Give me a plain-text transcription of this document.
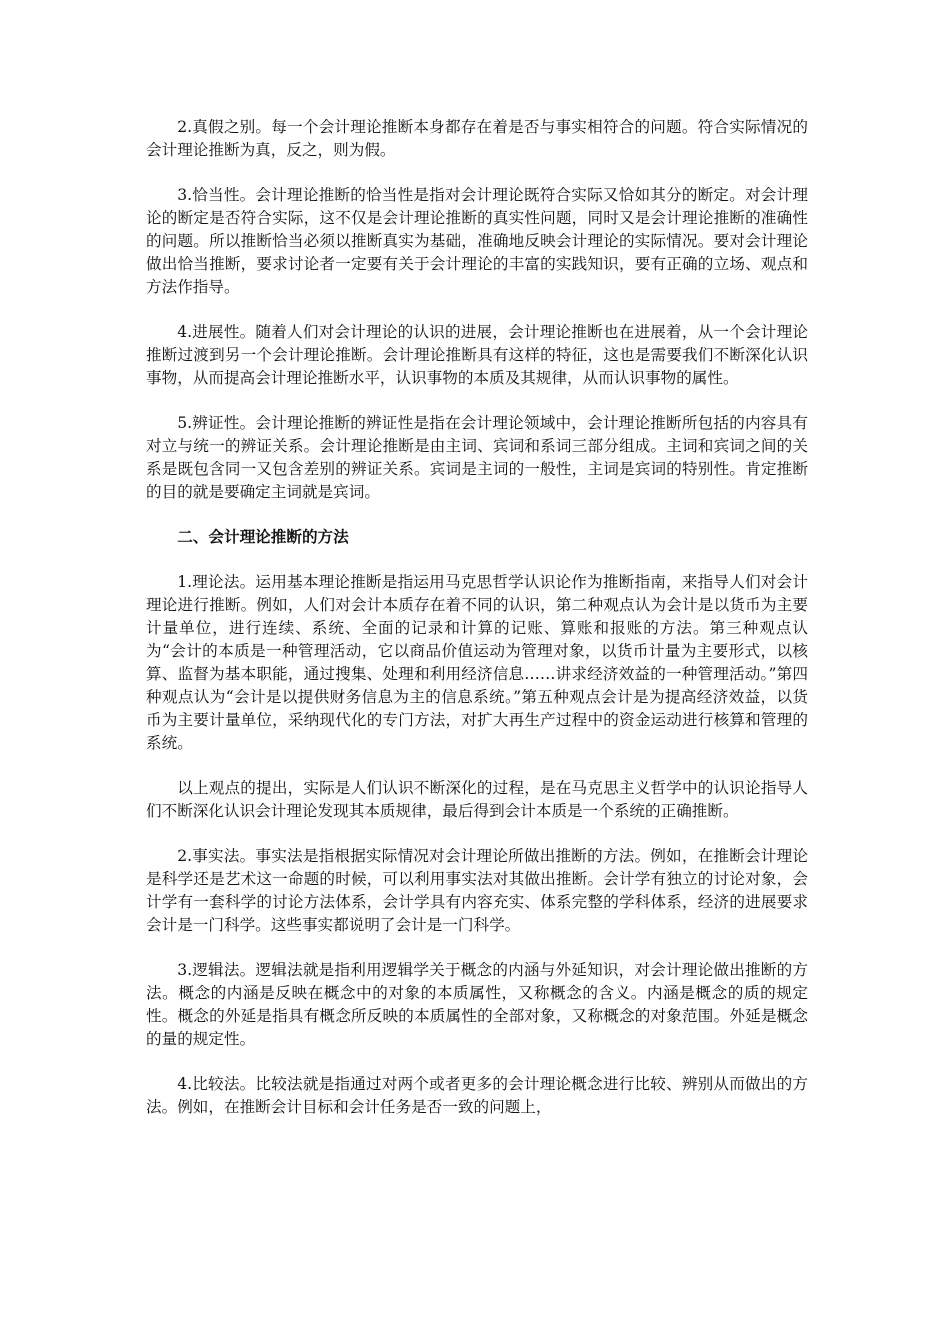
2.真假之别。每一个会计理论推断本身都存在着是否与事实相符合的问题。符合实际情况的会计理论推断为真，反之，则为假。

3.恰当性。会计理论推断的恰当性是指对会计理论既符合实际又恰如其分的断定。对会计理论的断定是否符合实际，这不仅是会计理论推断的真实性问题，同时又是会计理论推断的准确性的问题。所以推断恰当必须以推断真实为基础，准确地反映会计理论的实际情况。要对会计理论做出恰当推断，要求讨论者一定要有关于会计理论的丰富的实践知识，要有正确的立场、观点和方法作指导。

4.进展性。随着人们对会计理论的认识的进展，会计理论推断也在进展着，从一个会计理论推断过渡到另一个会计理论推断。会计理论推断具有这样的特征，这也是需要我们不断深化认识事物，从而提高会计理论推断水平，认识事物的本质及其规律，从而认识事物的属性。

5.辨证性。会计理论推断的辨证性是指在会计理论领域中，会计理论推断所包括的内容具有对立与统一的辨证关系。会计理论推断是由主词、宾词和系词三部分组成。主词和宾词之间的关系是既包含同一又包含差别的辨证关系。宾词是主词的一般性，主词是宾词的特别性。肯定推断的目的就是要确定主词就是宾词。

二、会计理论推断的方法

1.理论法。运用基本理论推断是指运用马克思哲学认识论作为推断指南，来指导人们对会计理论进行推断。例如，人们对会计本质存在着不同的认识，第二种观点认为会计是以货币为主要计量单位，进行连续、系统、全面的记录和计算的记账、算账和报账的方法。第三种观点认为“会计的本质是一种管理活动，它以商品价值运动为管理对象，以货币计量为主要形式，以核算、监督为基本职能，通过搜集、处理和利用经济信息……讲求经济效益的一种管理活动。”第四种观点认为“会计是以提供财务信息为主的信息系统。”第五种观点会计是为提高经济效益，以货币为主要计量单位，采纳现代化的专门方法，对扩大再生产过程中的资金运动进行核算和管理的系统。

以上观点的提出，实际是人们认识不断深化的过程，是在马克思主义哲学中的认识论指导人们不断深化认识会计理论发现其本质规律，最后得到会计本质是一个系统的正确推断。

2.事实法。事实法是指根据实际情况对会计理论所做出推断的方法。例如，在推断会计理论是科学还是艺术这一命题的时候，可以利用事实法对其做出推断。会计学有独立的讨论对象，会计学有一套科学的讨论方法体系，会计学具有内容充实、体系完整的学科体系，经济的进展要求会计是一门科学。这些事实都说明了会计是一门科学。

3.逻辑法。逻辑法就是指利用逻辑学关于概念的内涵与外延知识，对会计理论做出推断的方法。概念的内涵是反映在概念中的对象的本质属性，又称概念的含义。内涵是概念的质的规定性。概念的外延是指具有概念所反映的本质属性的全部对象，又称概念的对象范围。外延是概念的量的规定性。

4.比较法。比较法就是指通过对两个或者更多的会计理论概念进行比较、辨别从而做出的方法。例如，在推断会计目标和会计任务是否一致的问题上，
